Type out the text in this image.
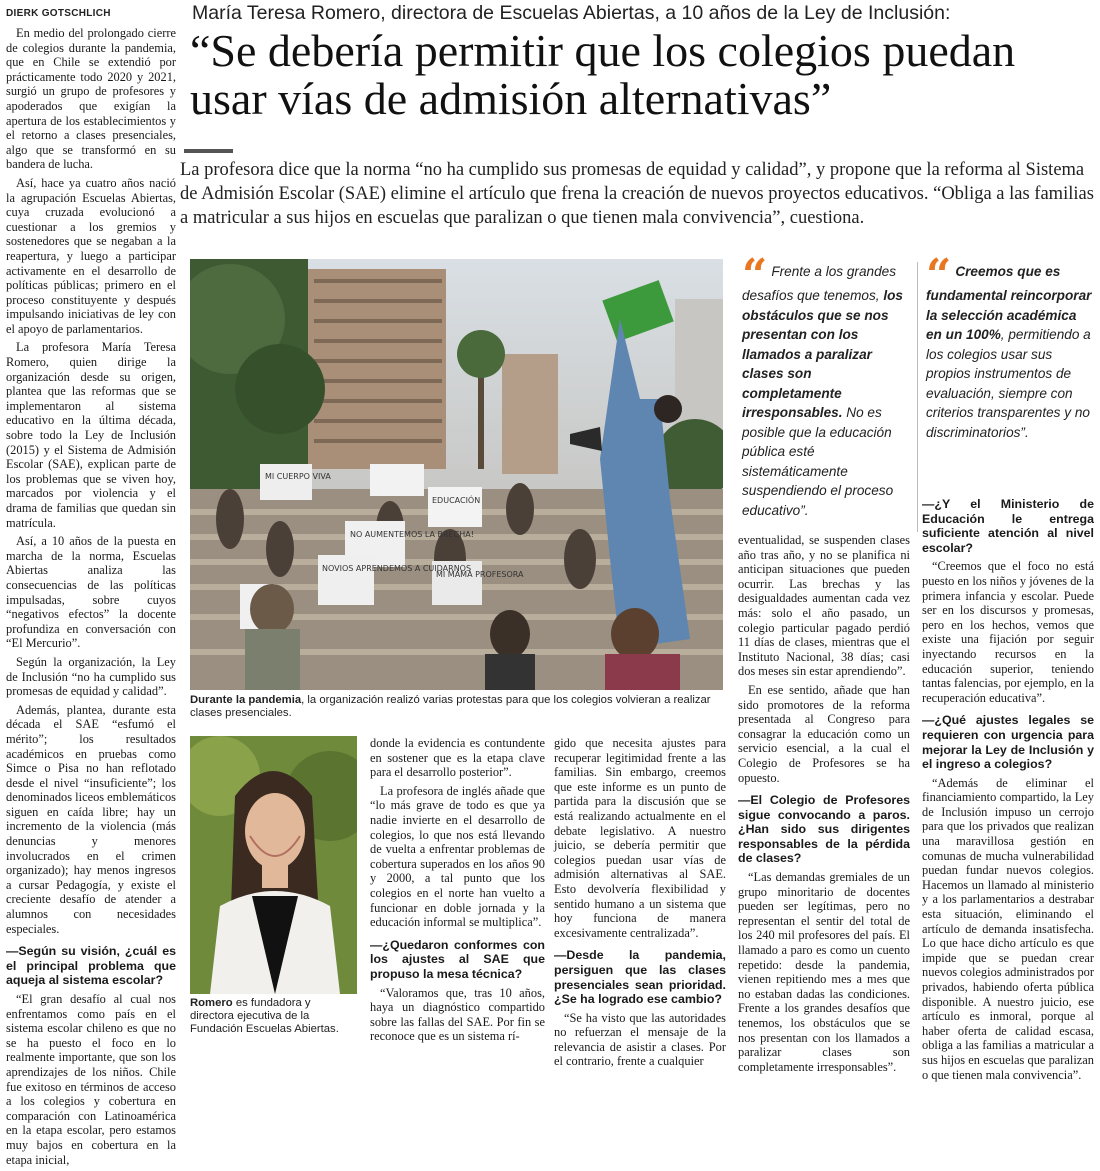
DIERK GOTSCHLICH

En medio del prolongado cierre de colegios durante la pandemia, que en Chile se extendió por prácticamente todo 2020 y 2021, surgió un grupo de profesores y apoderados que exigían la apertura de los establecimientos y el retorno a clases presenciales, algo que se transformó en su bandera de lucha.

Así, hace ya cuatro años nació la agrupación Escuelas Abiertas, cuya cruzada evolucionó a cuestionar a los gremios y sostenedores que se negaban a la reapertura, y luego a participar activamente en el desarrollo de políticas públicas; primero en el proceso constituyente y después impulsando iniciativas de ley con el apoyo de parlamentarios.

La profesora María Teresa Romero, quien dirige la organización desde su origen, plantea que las reformas que se implementaron al sistema educativo en la última década, sobre todo la Ley de Inclusión (2015) y el Sistema de Admisión Escolar (SAE), explican parte de los problemas que se viven hoy, marcados por violencia y el drama de familias que quedan sin matrícula.

Así, a 10 años de la puesta en marcha de la norma, Escuelas Abiertas analiza las consecuencias de las políticas impulsadas, sobre cuyos “negativos efectos” la docente profundiza en conversación con “El Mercurio”.

Según la organización, la Ley de Inclusión “no ha cumplido sus promesas de equidad y calidad”.

Además, plantea, durante esta década el SAE “esfumó el mérito”; los resultados académicos en pruebas como Simce o Pisa no han reflotado desde el nivel “insuficiente”; los denominados liceos emblemáticos siguen en caída libre; hay un incremento de la violencia (más denuncias y menores involucrados en el crimen organizado); hay menos ingresos a cursar Pedagogía, y existe el creciente desafío de atender a alumnos con necesidades especiales.

—Según su visión, ¿cuál es el principal problema que aqueja al sistema escolar?

“El gran desafío al cual nos enfrentamos como país en el sistema escolar chileno es que no se ha puesto el foco en lo realmente importante, que son los aprendizajes de los niños. Chile fue exitoso en términos de acceso a los colegios y cobertura en comparación con Latinoamérica en la etapa escolar, pero estamos muy bajos en cobertura en la etapa inicial,

María Teresa Romero, directora de Escuelas Abiertas, a 10 años de la Ley de Inclusión:
“Se debería permitir que los colegios puedan usar vías de admisión alternativas”
La profesora dice que la norma “no ha cumplido sus promesas de equidad y calidad”, y propone que la reforma al Sistema de Admisión Escolar (SAE) elimine el artículo que frena la creación de nuevos proyectos educativos. “Obliga a las familias a matricular a sus hijos en escuelas que paralizan o que tienen mala convivencia”, cuestiona.
MI CUERPO VIVA
NO AUMENTEMOS LA BRECHA!
NOVIOS APRENDEMOS A CUIDARNOS
EDUCACIÓN
MI MAMÁ PROFESORA
Durante la pandemia, la organización realizó varias protestas para que los colegios volvieran a realizar clases presenciales.
“ Frente a los grandes desafíos que tenemos, los obstáculos que se nos presentan con los llamados a paralizar clases son completamente irresponsables. No es posible que la educación pública esté sistemáticamente suspendiendo el proceso educativo”.
“ Creemos que es fundamental reincorporar la selección académica en un 100%, permitiendo a los colegios usar sus propios instrumentos de evaluación, siempre con criterios transparentes y no discriminatorios”.
Romero es fundadora y directora ejecutiva de la Fundación Escuelas Abiertas.

donde la evidencia es contundente en sostener que es la etapa clave para el desarrollo posterior”.

La profesora de inglés añade que “lo más grave de todo es que ya nadie invierte en el desarrollo de colegios, lo que nos está llevando de vuelta a enfrentar problemas de cobertura superados en los años 90 y 2000, a tal punto que los colegios en el norte han vuelto a funcionar en doble jornada y la educación informal se multiplica”.

—¿Quedaron conformes con los ajustes al SAE que propuso la mesa técnica?

“Valoramos que, tras 10 años, haya un diagnóstico compartido sobre las fallas del SAE. Por fin se reconoce que es un sistema rí-

gido que necesita ajustes para recuperar legitimidad frente a las familias. Sin embargo, creemos que este informe es un punto de partida para la discusión que se está realizando actualmente en el debate legislativo. A nuestro juicio, se debería permitir que colegios puedan usar vías de admisión alternativas al SAE. Esto devolvería flexibilidad y sentido humano a un sistema que hoy funciona de manera excesivamente centralizada”.

—Desde la pandemia, persiguen que las clases presenciales sean prioridad. ¿Se ha logrado ese cambio?

“Se ha visto que las autoridades no refuerzan el mensaje de la relevancia de asistir a clases. Por el contrario, frente a cualquier

eventualidad, se suspenden clases año tras año, y no se planifica ni anticipan situaciones que pueden ocurrir. Las brechas y las desigualdades aumentan cada vez más: solo el año pasado, un colegio particular pagado perdió 11 días de clases, mientras que el Instituto Nacional, 38 días; casi dos meses sin estar aprendiendo”.

En ese sentido, añade que han sido promotores de la reforma presentada al Congreso para consagrar la educación como un servicio esencial, a la cual el Colegio de Profesores se ha opuesto.

—El Colegio de Profesores sigue convocando a paros. ¿Han sido sus dirigentes responsables de la pérdida de clases?

“Las demandas gremiales de un grupo minoritario de docentes pueden ser legítimas, pero no representan el sentir del total de los 240 mil profesores del país. El llamado a paro es como un cuento repetido: desde la pandemia, vienen repitiendo mes a mes que no estaban dadas las condiciones. Frente a los grandes desafíos que tenemos, los obstáculos que se nos presentan con los llamados a paralizar clases son completamente irresponsables”.

—¿Y el Ministerio de Educación le entrega suficiente atención al nivel escolar?

“Creemos que el foco no está puesto en los niños y jóvenes de la primera infancia y escolar. Puede ser en los discursos y promesas, pero en los hechos, vemos que existe una fijación por seguir inyectando recursos en la educación superior, teniendo tantas falencias, por ejemplo, en la recuperación educativa”.

—¿Qué ajustes legales se requieren con urgencia para mejorar la Ley de Inclusión y el ingreso a colegios?

“Además de eliminar el financiamiento compartido, la Ley de Inclusión impuso un cerrojo para que los privados que realizan una maravillosa gestión en comunas de mucha vulnerabilidad puedan fundar nuevos colegios. Hacemos un llamado al ministerio y a los parlamentarios a destrabar esta situación, eliminando el artículo de demanda insatisfecha. Lo que hace dicho artículo es que impide que se puedan crear nuevos colegios administrados por privados, habiendo oferta pública disponible. A nuestro juicio, ese artículo es inmoral, porque al haber oferta de calidad escasa, obliga a las familias a matricular a sus hijos en escuelas que paralizan o que tienen mala convivencia”.
